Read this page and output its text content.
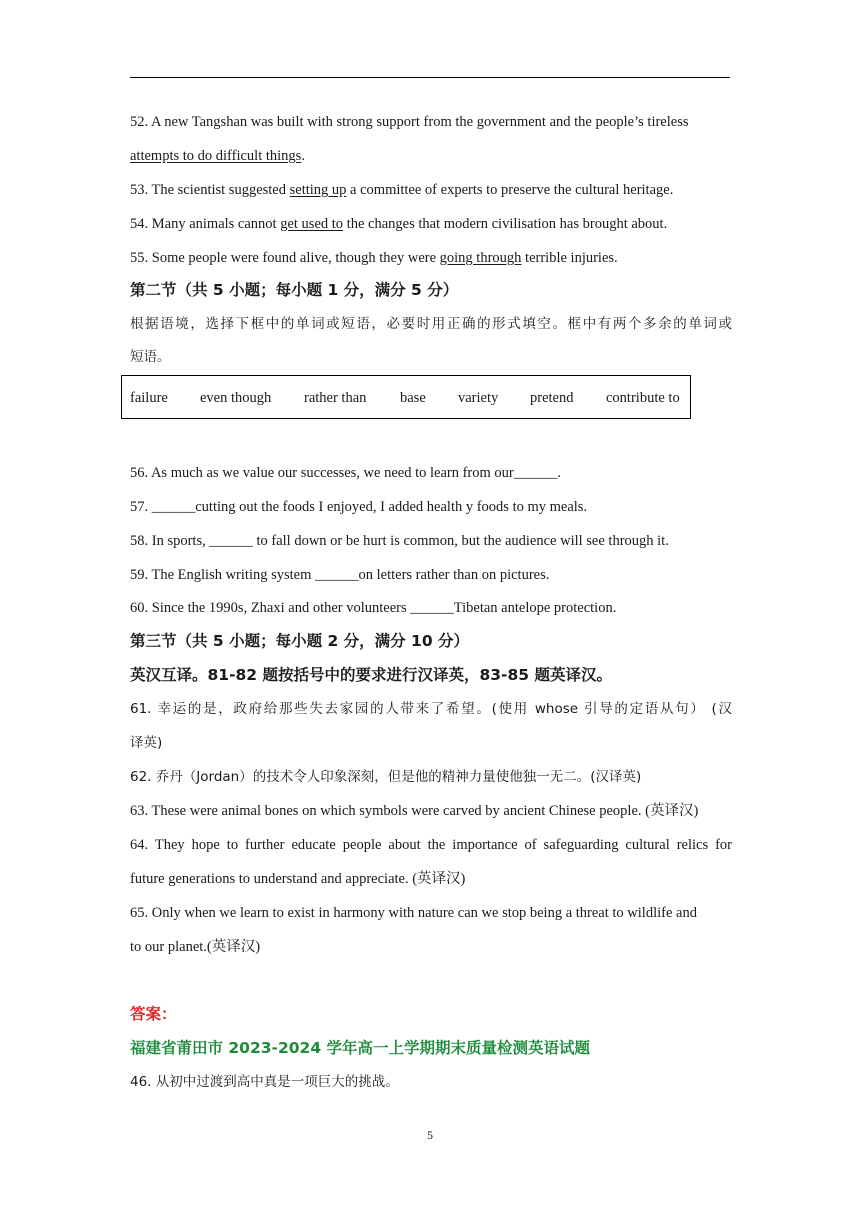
52. A new Tangshan was built with strong support from the government and the people’s tireless
attempts to do difficult things.
53. The scientist suggested setting up a committee of experts to preserve the cultural heritage.
54. Many animals cannot get used to the changes that modern civilisation has brought about.
55. Some people were found alive, though they were going through terrible injuries.
第二节（共 5 小题；每小题 1 分，满分 5 分）
根据语境，选择下框中的单词或短语，必要时用正确的形式填空。框中有两个多余的单词或
短语。
failure even though rather than base variety pretend contribute to
56. As much as we value our successes, we need to learn from our______.
57. ______cutting out the foods I enjoyed, I added health y foods to my meals.
58. In sports, ______ to fall down or be hurt is common, but the audience will see through it.
59. The English writing system ______on letters rather than on pictures.
60. Since the 1990s, Zhaxi and other volunteers ______Tibetan antelope protection.
第三节（共 5 小题；每小题 2 分，满分 10 分）
英汉互译。81-82 题按括号中的要求进行汉译英，83-85 题英译汉。
61. 幸运的是，政府给那些失去家园的人带来了希望。(使用 whose 引导的定语从句） (汉
译英)
62. 乔丹（Jordan）的技术令人印象深刻，但是他的精神力量使他独一无二。(汉译英)
63. These were animal bones on which symbols were carved by ancient Chinese people. (英译汉)
64. They hope to further educate people about the importance of safeguarding cultural relics for
future generations to understand and appreciate. (英译汉)
65. Only when we learn to exist in harmony with nature can we stop being a threat to wildlife and
to our planet.(英译汉)
答案：
福建省莆田市 2023-2024 学年高一上学期期末质量检测英语试题
46. 从初中过渡到高中真是一项巨大的挑战。
5
